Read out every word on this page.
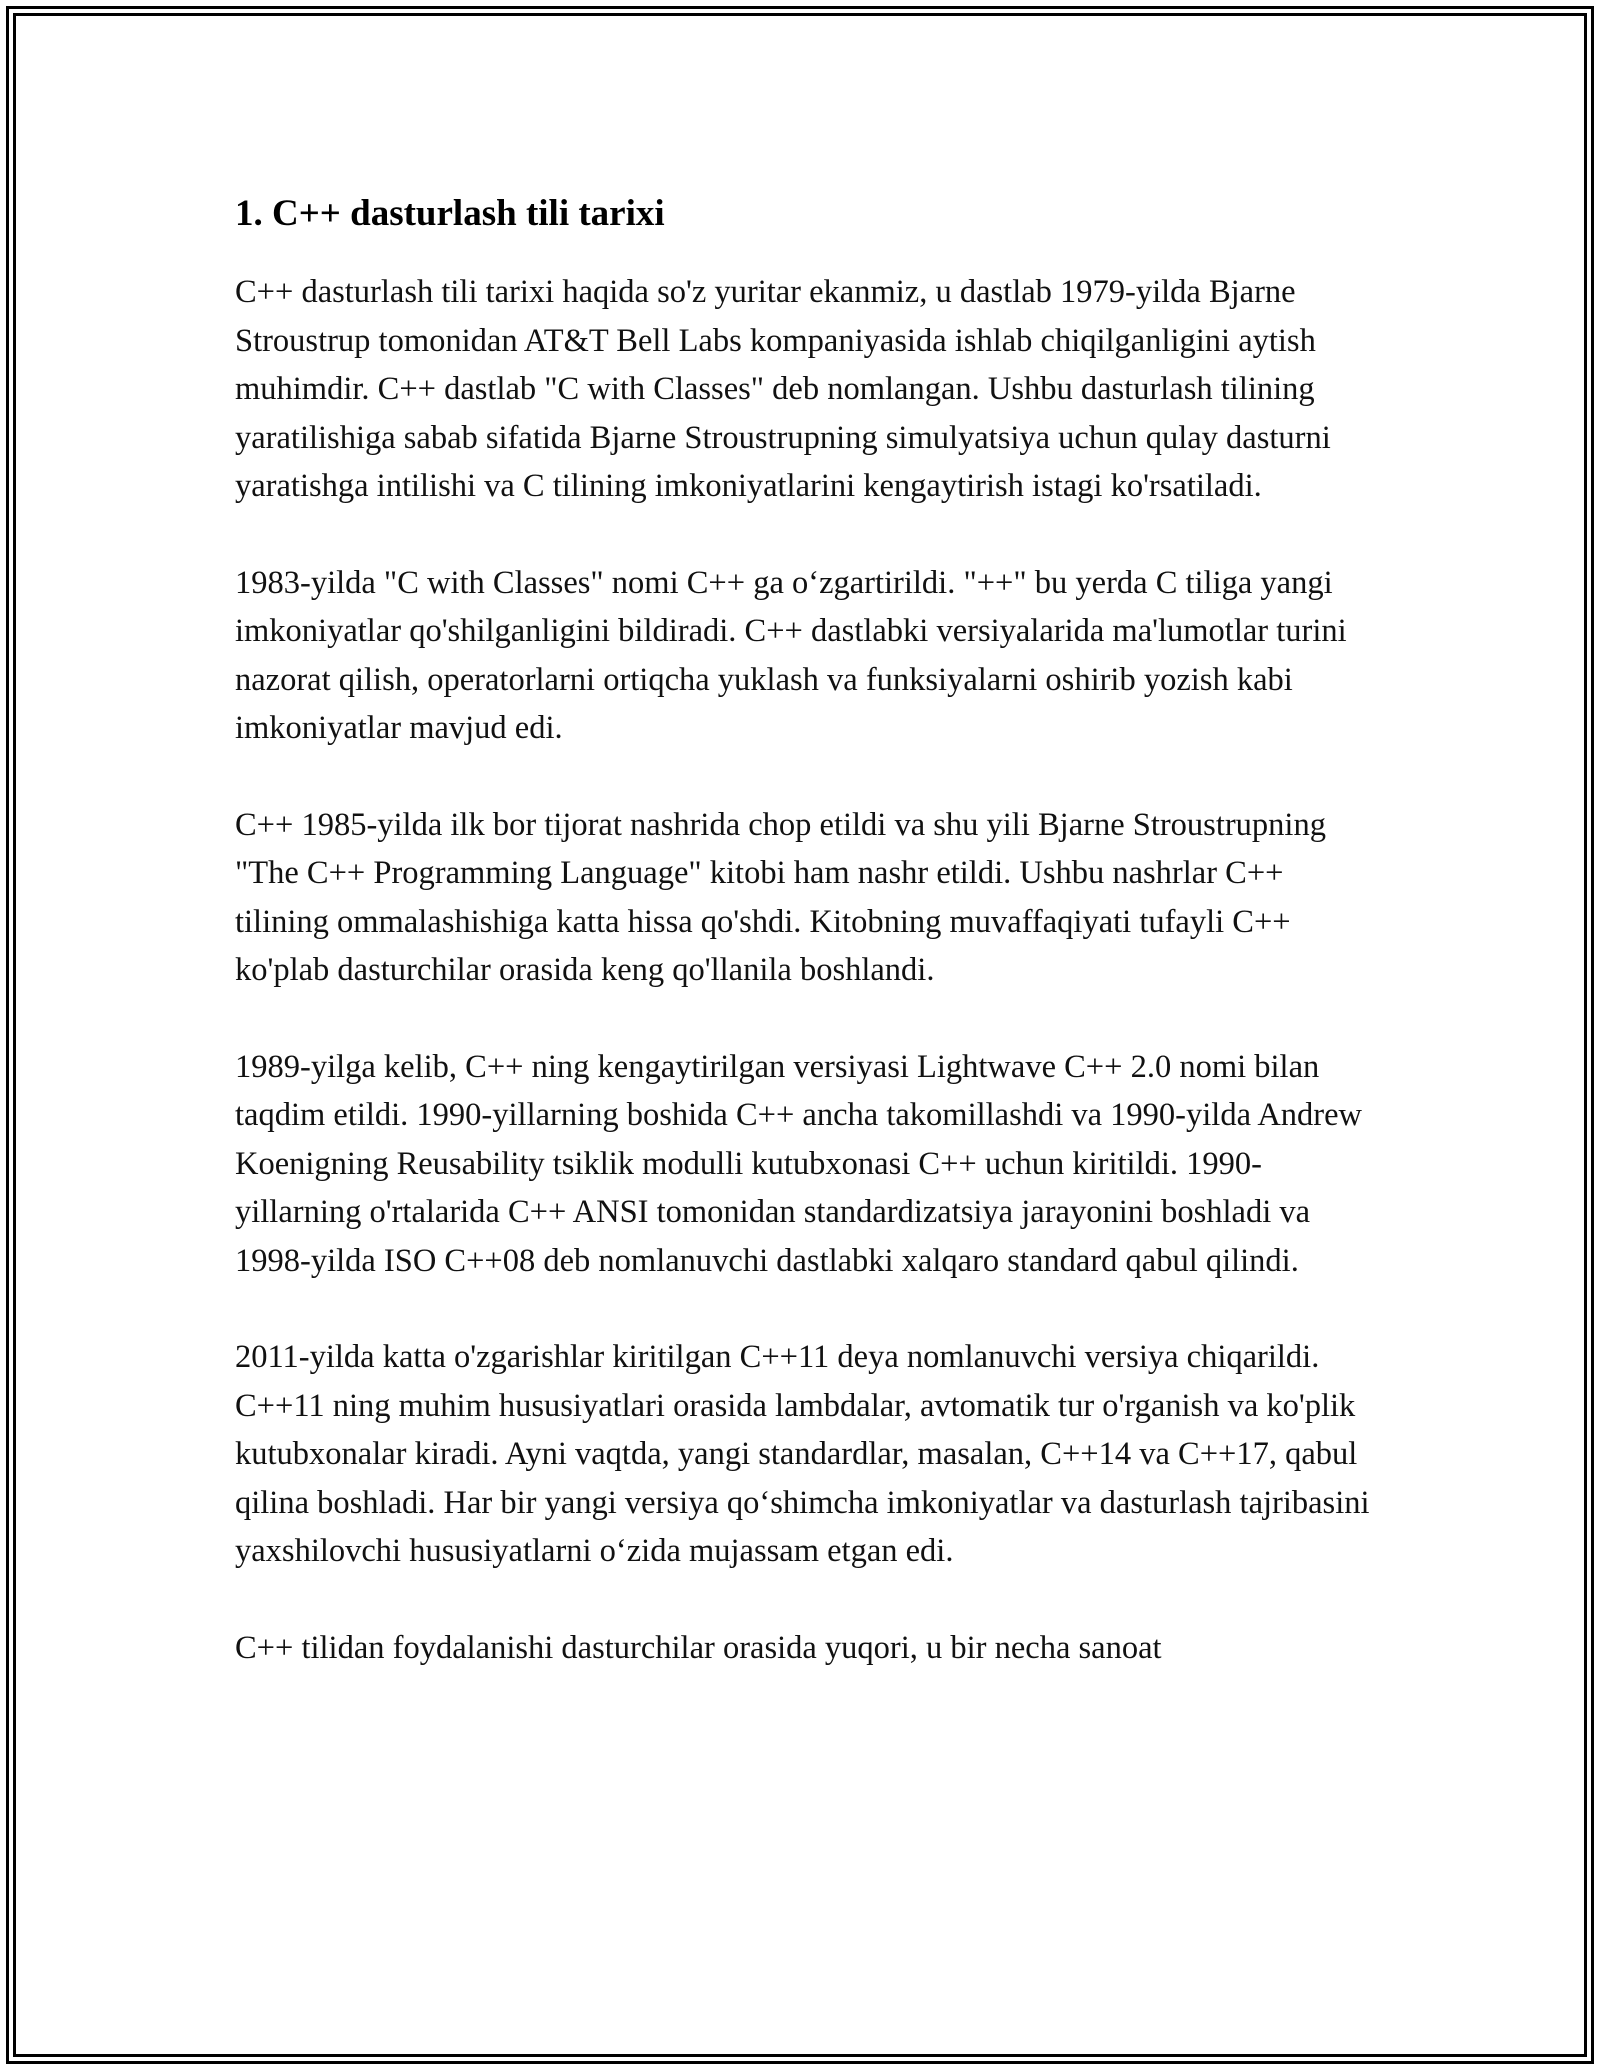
1. C++ dasturlash tili tarixi

C++ dasturlash tili tarixi haqida so'z yuritar ekanmiz, u dastlab 1979-yilda Bjarne Stroustrup tomonidan AT&T Bell Labs kompaniyasida ishlab chiqilganligini aytish muhimdir. C++ dastlab "C with Classes" deb nomlangan. Ushbu dasturlash tilining yaratilishiga sabab sifatida Bjarne Stroustrupning simulyatsiya uchun qulay dasturni yaratishga intilishi va C tilining imkoniyatlarini kengaytirish istagi ko'rsatiladi.

1983-yilda "C with Classes" nomi C++ ga oʻzgartirildi. "++" bu yerda C tiliga yangi imkoniyatlar qo'shilganligini bildiradi. C++ dastlabki versiyalarida ma'lumotlar turini nazorat qilish, operatorlarni ortiqcha yuklash va funksiyalarni oshirib yozish kabi imkoniyatlar mavjud edi.

C++ 1985-yilda ilk bor tijorat nashrida chop etildi va shu yili Bjarne Stroustrupning "The C++ Programming Language" kitobi ham nashr etildi. Ushbu nashrlar C++ tilining ommalashishiga katta hissa qo'shdi. Kitobning muvaffaqiyati tufayli C++ ko'plab dasturchilar orasida keng qo'llanila boshlandi.

1989-yilga kelib, C++ ning kengaytirilgan versiyasi Lightwave C++ 2.0 nomi bilan taqdim etildi. 1990-yillarning boshida C++ ancha takomillashdi va 1990-yilda Andrew Koenigning Reusability tsiklik modulli kutubxonasi C++ uchun kiritildi. 1990-yillarning o'rtalarida C++ ANSI tomonidan standardizatsiya jarayonini boshladi va 1998-yilda ISO C++08 deb nomlanuvchi dastlabki xalqaro standard qabul qilindi.

2011-yilda katta o'zgarishlar kiritilgan C++11 deya nomlanuvchi versiya chiqarildi. C++11 ning muhim hususiyatlari orasida lambdalar, avtomatik tur o'rganish va ko'plik kutubxonalar kiradi. Ayni vaqtda, yangi standardlar, masalan, C++14 va C++17, qabul qilina boshladi. Har bir yangi versiya qoʻshimcha imkoniyatlar va dasturlash tajribasini yaxshilovchi hususiyatlarni oʻzida mujassam etgan edi.

C++ tilidan foydalanishi dasturchilar orasida yuqori, u bir necha sanoat
